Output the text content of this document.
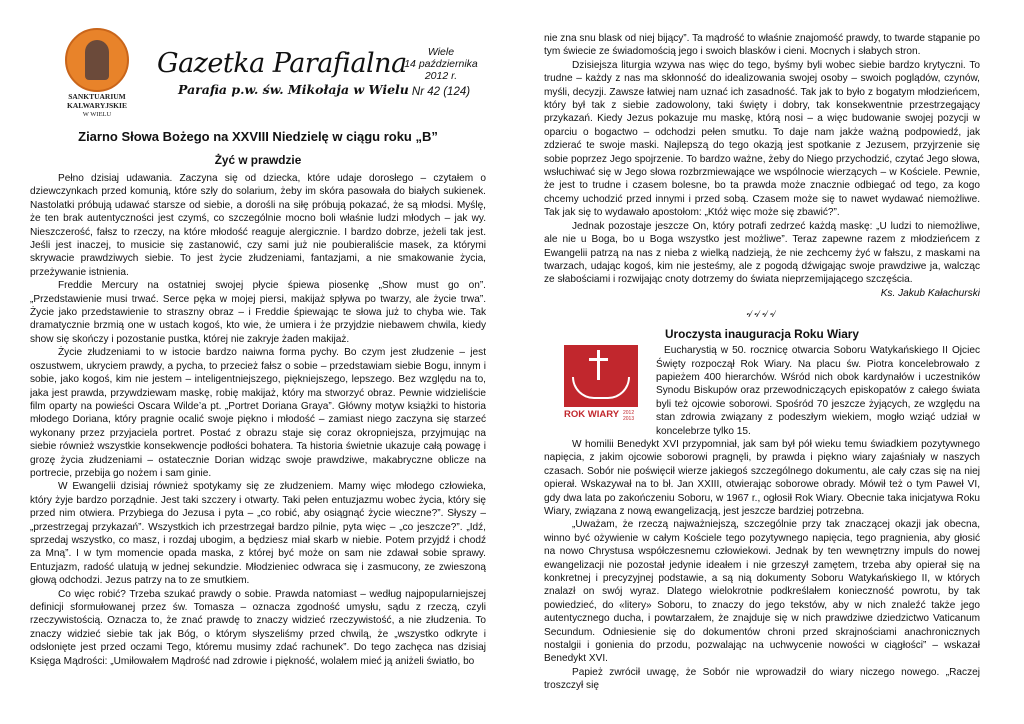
SANKTUARIUM
KALWARYJSKIE
W WIELU
Gazetka Parafialna
Parafia p.w. św. Mikołaja w Wielu
Wiele
14 października
2012 r.
Nr 42 (124)
Ziarno Słowa Bożego na XXVIII Niedzielę w ciągu roku „B”
Żyć w prawdzie

Pełno dzisiaj udawania. Zaczyna się od dziecka, które udaje dorosłego – czytałem o dziewczynkach przed komunią, które szły do solarium, żeby im skóra pasowała do białych sukienek. Nastolatki próbują udawać starsze od siebie, a dorośli na siłę próbują pokazać, że są młodsi. Myślę, że ten brak autentyczności jest czymś, co szczególnie mocno boli właśnie ludzi młodych – jak wy. Nieszczerość, fałsz to rzeczy, na które młodość reaguje alergicznie. I bardzo dobrze, jeżeli tak jest. Jeśli jest inaczej, to musicie się zastanowić, czy sami już nie poubieraliście masek, za którymi skrywacie prawdziwych siebie. To jest życie złudzeniami, fantazjami, a nie smakowanie życia, przeżywanie istnienia.

Freddie Mercury na ostatniej swojej płycie śpiewa piosenkę „Show must go on”. „Przedstawienie musi trwać. Serce pęka w mojej piersi, makijaż spływa po twarzy, ale życie trwa”. Życie jako przedstawienie to straszny obraz – i Freddie śpiewając te słowa już to chyba wie. Tak dramatycznie brzmią one w ustach kogoś, kto wie, że umiera i że przyjdzie niebawem chwila, kiedy show się skończy i pozostanie pustka, której nie zakryje żaden makijaż.

Życie złudzeniami to w istocie bardzo naiwna forma pychy. Bo czym jest złudzenie – jest oszustwem, ukryciem prawdy, a pycha, to przecież fałsz o sobie – przedstawiam siebie Bogu, innym i sobie, jako kogoś, kim nie jestem – inteligentniejszego, piękniejszego, lepszego. Bez względu na to, jaka jest prawda, przywdziewam maskę, robię makijaż, który ma stworzyć obraz. Pewnie widzieliście film oparty na powieści Oscara Wilde’a pt. „Portret Doriana Graya”. Główny motyw książki to historia młodego Doriana, który pragnie ocalić swoje piękno i młodość – zamiast niego zaczyna się starzeć wykonany przez przyjaciela portret. Postać z obrazu staje się coraz okropniejsza, przyjmując na siebie również wszystkie konsekwencje podłości bohatera. Ta historia świetnie ukazuje całą powagę i grozę życia złudzeniami – ostatecznie Dorian widząc swoje prawdziwe, makabryczne oblicze na portrecie, przebija go nożem i sam ginie.

W Ewangelii dzisiaj również spotykamy się ze złudzeniem. Mamy więc młodego człowieka, który żyje bardzo porządnie. Jest taki szczery i otwarty. Taki pełen entuzjazmu wobec życia, który się przed nim otwiera. Przybiega do Jezusa i pyta – „co robić, aby osiągnąć życie wieczne?”. Słyszy – „przestrzegaj przykazań”. Wszystkich ich przestrzegał bardzo pilnie, pyta więc – „co jeszcze?”. „Idź, sprzedaj wszystko, co masz, i rozdaj ubogim, a będziesz miał skarb w niebie. Potem przyjdź i chodź za Mną”. I w tym momencie opada maska, z której być może on sam nie zdawał sobie sprawy. Entuzjazm, radość ulatują w jednej sekundzie. Młodzieniec odwraca się i zasmucony, ze zwieszoną głową odchodzi. Jezus patrzy na to ze smutkiem.

Co więc robić? Trzeba szukać prawdy o sobie. Prawda natomiast – według najpopularniejszej definicji sformułowanej przez św. Tomasza – oznacza zgodność umysłu, sądu z rzeczą, czyli rzeczywistością. Oznacza to, że znać prawdę to znaczy widzieć rzeczywistość, a nie złudzenia. To znaczy widzieć siebie tak jak Bóg, o którym słyszeliśmy przed chwilą, że „wszystko odkryte i odsłonięte jest przed oczami Tego, któremu musimy zdać rachunek”. Do tego zachęca nas dzisiaj Księga Mądrości: „Umiłowałem Mądrość nad zdrowie i piękność, wolałem mieć ją aniżeli światło, bo

nie zna snu blask od niej bijący”. Ta mądrość to właśnie znajomość prawdy, to twarde stąpanie po tym świecie ze świadomością jego i swoich blasków i cieni. Mocnych i słabych stron.

Dzisiejsza liturgia wzywa nas więc do tego, byśmy byli wobec siebie bardzo krytyczni. To trudne – każdy z nas ma skłonność do idealizowania swojej osoby – swoich poglądów, czynów, myśli, decyzji. Zawsze łatwiej nam uznać ich zasadność. Tak jak to było z bogatym młodzieńcem, który był tak z siebie zadowolony, taki święty i dobry, tak konsekwentnie przestrzegający przykazań. Kiedy Jezus pokazuje mu maskę, którą nosi – a więc budowanie swojej pozycji w oparciu o bogactwo – odchodzi pełen smutku. To daje nam jakże ważną podpowiedź, jak zdzierać te swoje maski. Najlepszą do tego okazją jest spotkanie z Jezusem, przyjrzenie się sobie poprzez Jego spojrzenie. To bardzo ważne, żeby do Niego przychodzić, czytać Jego słowa, wsłuchiwać się w Jego słowa rozbrzmiewające we wspólnocie wierzących – w Kościele. Pewnie, że jest to trudne i czasem bolesne, bo ta prawda może znacznie odbiegać od tego, za kogo chcemy uchodzić przed innymi i przed sobą. Czasem może się to nawet wydawać niemożliwe. Tak jak się to wydawało apostołom: „Któż więc może się zbawić?”.

Jednak pozostaje jeszcze On, który potrafi zedrzeć każdą maskę: „U ludzi to niemożliwe, ale nie u Boga, bo u Boga wszystko jest możliwe”. Teraz zapewne razem z młodzieńcem z Ewangelii patrzą na nas z nieba z wielką nadzieją, że nie zechcemy żyć w fałszu, z maskami na twarzach, udając kogoś, kim nie jesteśmy, ale z pogodą dźwigając swoje prawdziwe ja, walcząc ze słabościami i rozwijając cnoty dotrzemy do świata nieprzemijającego szczęścia.

Ks. Jakub Kałachurski

৵৵৵৵
Uroczysta inauguracja Roku Wiary
ROK WIARY 2012 2013

Eucharystią w 50. rocznicę otwarcia Soboru Watykańskiego II Ojciec Święty rozpoczął Rok Wiary. Na placu św. Piotra koncelebrowało z papieżem 400 hierarchów. Wśród nich obok kardynałów i uczestników Synodu Biskupów oraz przewodniczących episkopatów z całego świata byli też ojcowie soborowi. Spośród 70 jeszcze żyjących, ze względu na stan zdrowia związany z podeszłym wiekiem, mogło wziąć udział w koncelebrze tylko 15.

W homilii Benedykt XVI przypomniał, jak sam był pół wieku temu świadkiem pozytywnego napięcia, z jakim ojcowie soborowi pragnęli, by prawda i piękno wiary zajaśniały w naszych czasach. Sobór nie poświęcił wierze jakiegoś szczególnego dokumentu, ale cały czas się na niej opierał. Wskazywał na to bł. Jan XXIII, otwierając soborowe obrady. Mówił też o tym Paweł VI, gdy dwa lata po zakończeniu Soboru, w 1967 r., ogłosił Rok Wiary. Obecnie taka inicjatywa Roku Wiary, związana z nową ewangelizacją, jest jeszcze bardziej potrzebna.

„Uważam, że rzeczą najważniejszą, szczególnie przy tak znaczącej okazji jak obecna, winno być ożywienie w całym Kościele tego pozytywnego napięcia, tego pragnienia, aby głosić na nowo Chrystusa współczesnemu człowiekowi. Jednak by ten wewnętrzny impuls do nowej ewangelizacji nie pozostał jedynie ideałem i nie grzeszył zamętem, trzeba aby opierał się na konkretnej i precyzyjnej podstawie, a są nią dokumenty Soboru Watykańskiego II, w których znalazł on swój wyraz. Dlatego wielokrotnie podkreślałem konieczność powrotu, by tak powiedzieć, do «litery» Soboru, to znaczy do jego tekstów, aby w nich znaleźć także jego autentycznego ducha, i powtarzałem, że znajduje się w nich prawdziwe dziedzictwo Vaticanum Secundum. Odniesienie się do dokumentów chroni przed skrajnościami anachronicznych nostalgii i gonienia do przodu, pozwalając na uchwycenie nowości w ciągłości” – wskazał Benedykt XVI.

Papież zwrócił uwagę, że Sobór nie wprowadził do wiary niczego nowego. „Raczej troszczył się
